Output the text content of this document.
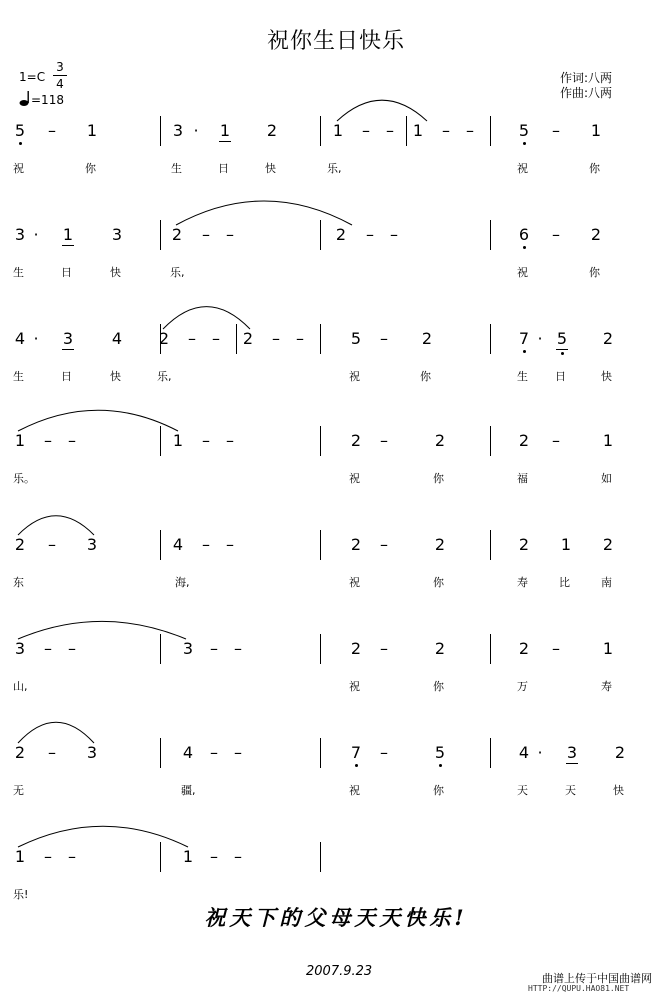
祝你生日快乐
1=C
3
4
=118
作词:八两
作曲:八两
5 – 1	3 · 1 2	1 – – 1 – –	5 – 1
祝	你	生	日	快	乐,	祝	你
3 · 1 3	2 – –	2 – –	6 – 2
生	日	快	乐,	祝	你
4 · 3 4 2 – – 2 – –	5 – 2	7 · 5 2
生	日	快	乐,	祝	你	生 日	快
1 – –	1 – –	2 –	2	2 –	1
乐。	祝	你	福	如
2 – 3	4 – –	2 –	2	2 1 2
东	海,	祝	你	寿	比	南
3 – –	3 – –	2 –	2	2 –	1
山,	祝	你	万	寿
2 – 3	4 – –	7 –	5	4 · 3 2
无	疆,	祝	你	天	天	快
1 – –	1 – –
乐!
祝天下的父母天天快乐!
2007.9.23	曲谱上传于中国曲谱网
HTTP://QUPU.HAO81.NET
